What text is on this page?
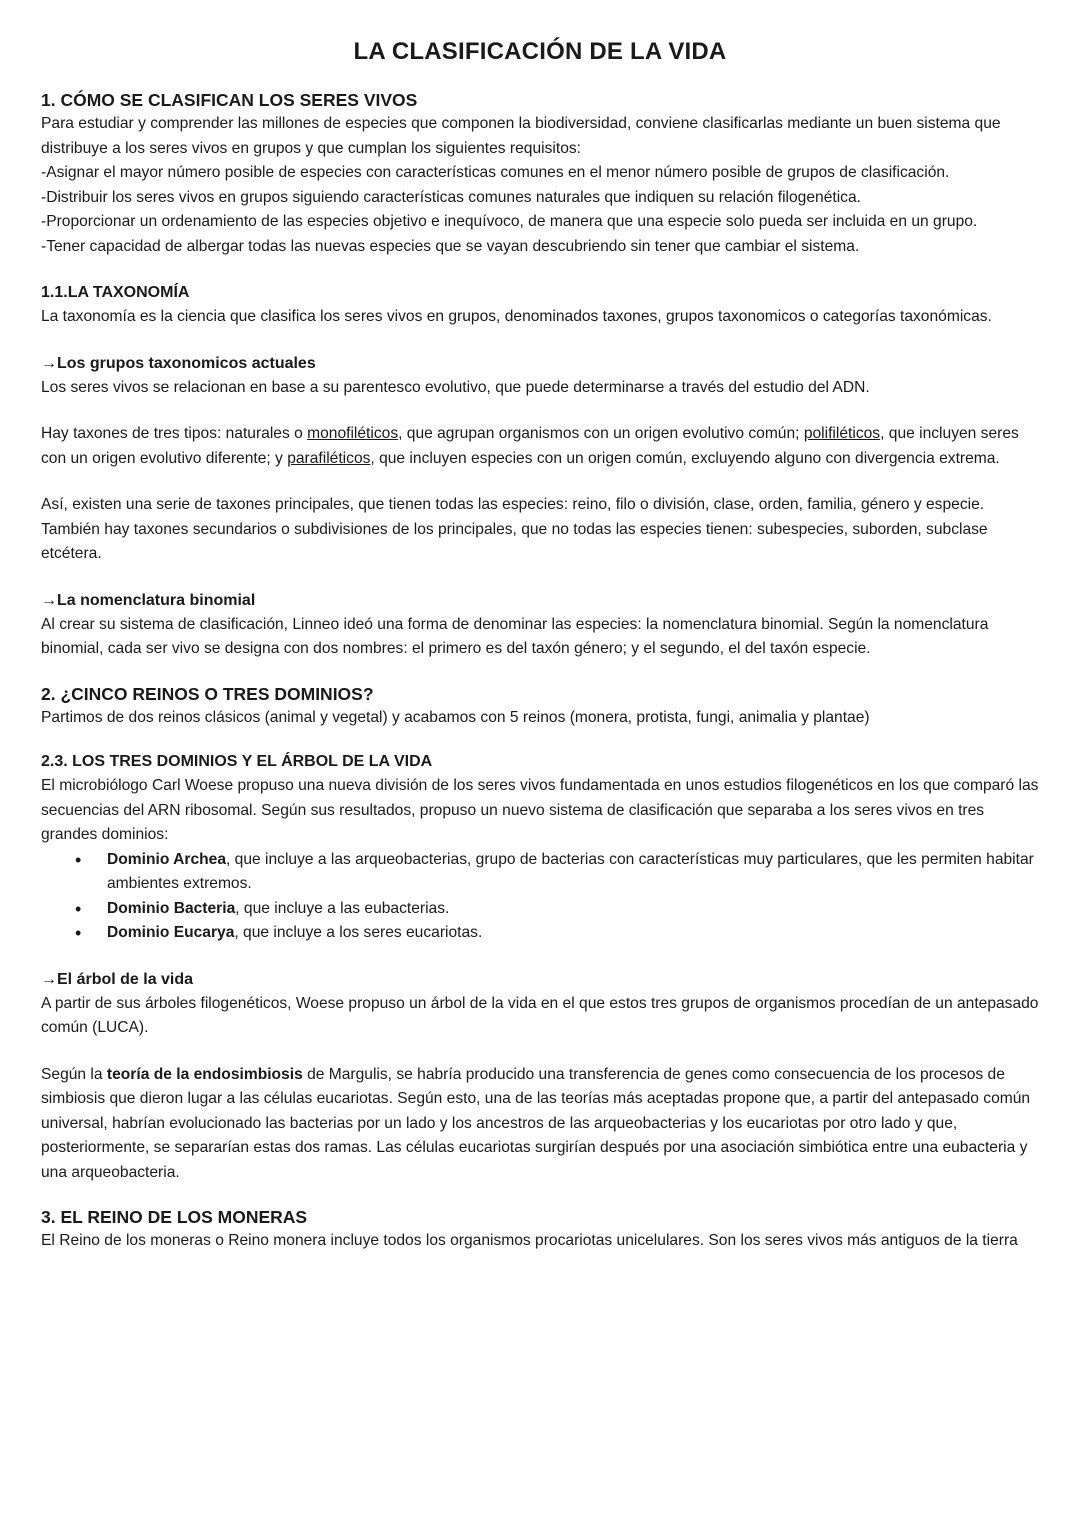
LA CLASIFICACIÓN DE LA VIDA
1. CÓMO SE CLASIFICAN LOS SERES VIVOS

Para estudiar y comprender las millones de especies que componen la biodiversidad, conviene clasificarlas mediante un buen sistema que distribuye a los seres vivos en grupos y que cumplan los siguientes requisitos:

-Asignar el mayor número posible de especies con características comunes en el menor número posible de grupos de clasificación.

-Distribuir los seres vivos en grupos siguiendo características comunes naturales que indiquen su relación filogenética.

-Proporcionar un ordenamiento de las especies objetivo e inequívoco, de manera que una especie solo pueda ser incluida en un grupo.

-Tener capacidad de albergar todas las nuevas especies que se vayan descubriendo sin tener que cambiar el sistema.

1.1.LA TAXONOMÍA

La taxonomía es la ciencia que clasifica los seres vivos en grupos, denominados taxones, grupos taxonomicos o categorías taxonómicas.

→Los grupos taxonomicos actuales

Los seres vivos se relacionan en base a su parentesco evolutivo, que puede determinarse a través del estudio del ADN.

Hay taxones de tres tipos: naturales o monofiléticos, que agrupan organismos con un origen evolutivo común; polifiléticos, que incluyen seres con un origen evolutivo diferente; y parafiléticos, que incluyen especies con un origen común, excluyendo alguno con divergencia extrema.

Así, existen una serie de taxones principales, que tienen todas las especies: reino, filo o división, clase, orden, familia, género y especie. También hay taxones secundarios o subdivisiones de los principales, que no todas las especies tienen: subespecies, suborden, subclase etcétera.

→La nomenclatura binomial

Al crear su sistema de clasificación, Linneo ideó una forma de denominar las especies: la nomenclatura binomial. Según la nomenclatura binomial, cada ser vivo se designa con dos nombres: el primero es del taxón género; y el segundo, el del taxón especie.

2. ¿CINCO REINOS O TRES DOMINIOS?

Partimos de dos reinos clásicos (animal y vegetal) y acabamos con 5 reinos (monera, protista, fungi, animalia y plantae)

2.3. LOS TRES DOMINIOS Y EL ÁRBOL DE LA VIDA

El microbiólogo Carl Woese propuso una nueva división de los seres vivos fundamentada en unos estudios filogenéticos en los que comparó las secuencias del ARN ribosomal. Según sus resultados, propuso un nuevo sistema de clasificación que separaba a los seres vivos en tres grandes dominios:

• Dominio Archea, que incluye a las arqueobacterias, grupo de bacterias con características muy particulares, que les permiten habitar ambientes extremos.
• Dominio Bacteria, que incluye a las eubacterias.
• Dominio Eucarya, que incluye a los seres eucariotas.
→El árbol de la vida

A partir de sus árboles filogenéticos, Woese propuso un árbol de la vida en el que estos tres grupos de organismos procedían de un antepasado común (LUCA).

Según la teoría de la endosimbiosis de Margulis, se habría producido una transferencia de genes como consecuencia de los procesos de simbiosis que dieron lugar a las células eucariotas. Según esto, una de las teorías más aceptadas propone que, a partir del antepasado común universal, habrían evolucionado las bacterias por un lado y los ancestros de las arqueobacterias y los eucariotas por otro lado y que, posteriormente, se separarían estas dos ramas. Las células eucariotas surgirían después por una asociación simbiótica entre una eubacteria y una arqueobacteria.

3. EL REINO DE LOS MONERAS

El Reino de los moneras o Reino monera incluye todos los organismos procariotas unicelulares. Son los seres vivos más antiguos de la tierra
